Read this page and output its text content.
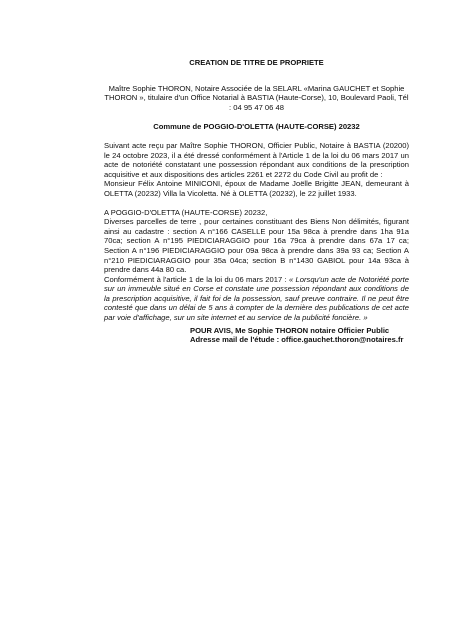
CREATION DE TITRE DE PROPRIETE
Maître Sophie THORON, Notaire Associée de la SELARL «Marina GAUCHET et Sophie THORON », titulaire d'un Office Notarial à BASTIA (Haute-Corse), 10, Boulevard Paoli, Tél : 04 95 47 06 48
Commune de POGGIO-D'OLETTA (HAUTE-CORSE) 20232

Suivant acte reçu par Maître Sophie THORON, Officier Public, Notaire à BASTIA (20200) le 24 octobre 2023, il a été dressé conformément à l'Article 1 de la loi du 06 mars 2017 un acte de notoriété constatant une possession répondant aux conditions de la prescription acquisitive et aux dispositions des articles 2261 et 2272 du Code Civil au profit de :

Monsieur Félix Antoine MINICONI, époux de Madame Joëlle Brigitte JEAN, demeurant à OLETTA (20232) Villa la Vicoletta. Né à OLETTA (20232), le 22 juillet 1933.

A POGGIO-D'OLETTA (HAUTE-CORSE) 20232,

Diverses parcelles de terre , pour certaines constituant des Biens Non délimités, figurant ainsi au cadastre : section A n°166 CASELLE pour 15a 98ca à prendre dans 1ha 91a 70ca; section A n°195 PIEDICIARAGGIO pour 16a 79ca à prendre dans 67a 17 ca; Section A n°196 PIEDICIARAGGIO pour 09a 98ca à prendre dans 39a 93 ca; Section A n°210 PIEDICIARAGGIO pour 35a 04ca; section B n°1430 GABIOL pour 14a 93ca à prendre dans 44a 80 ca.

Conformément à l'article 1 de la loi du 06 mars 2017 : « Lorsqu'un acte de Notoriété porte sur un immeuble situé en Corse et constate une possession répondant aux conditions de la prescription acquisitive, il fait foi de la possession, sauf preuve contraire. Il ne peut être contesté que dans un délai de 5 ans à compter de la dernière des publications de cet acte par voie d'affichage, sur un site internet et au service de la publicité foncière. »

POUR AVIS, Me Sophie THORON notaire Officier Public
Adresse mail de l'étude : office.gauchet.thoron@notaires.fr
